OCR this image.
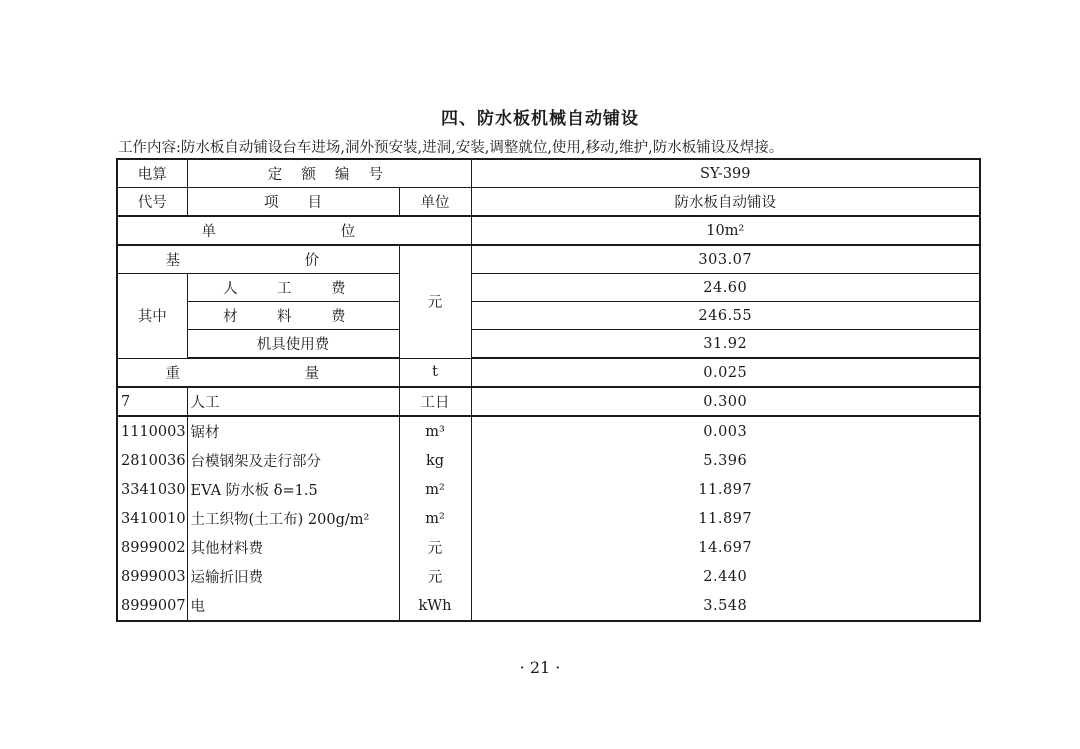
四、防水板机械自动铺设
工作内容:防水板自动铺设台车进场,洞外预安装,进洞,安装,调整就位,使用,移动,维护,防水板铺设及焊接。
电算	定 额 编 号		SY-399
代号	项　　目	单位	防水板自动铺设
单　　位			10m²
基　　价		元	303.07
其中	人 工 费		24.60
	材 料 费		246.55
	机具使用费		31.92
重　　量		t	0.025
7	人工	工日	0.300
1110003	锯材	m³	0.003
2810036	台模钢架及走行部分	kg	5.396
3341030	EVA 防水板 δ=1.5	m²	11.897
3410010	土工织物(土工布) 200g/m²	m²	11.897
8999002	其他材料费	元	14.697
8999003	运输折旧费	元	2.440
8999007	电	kWh	3.548
· 21 ·
